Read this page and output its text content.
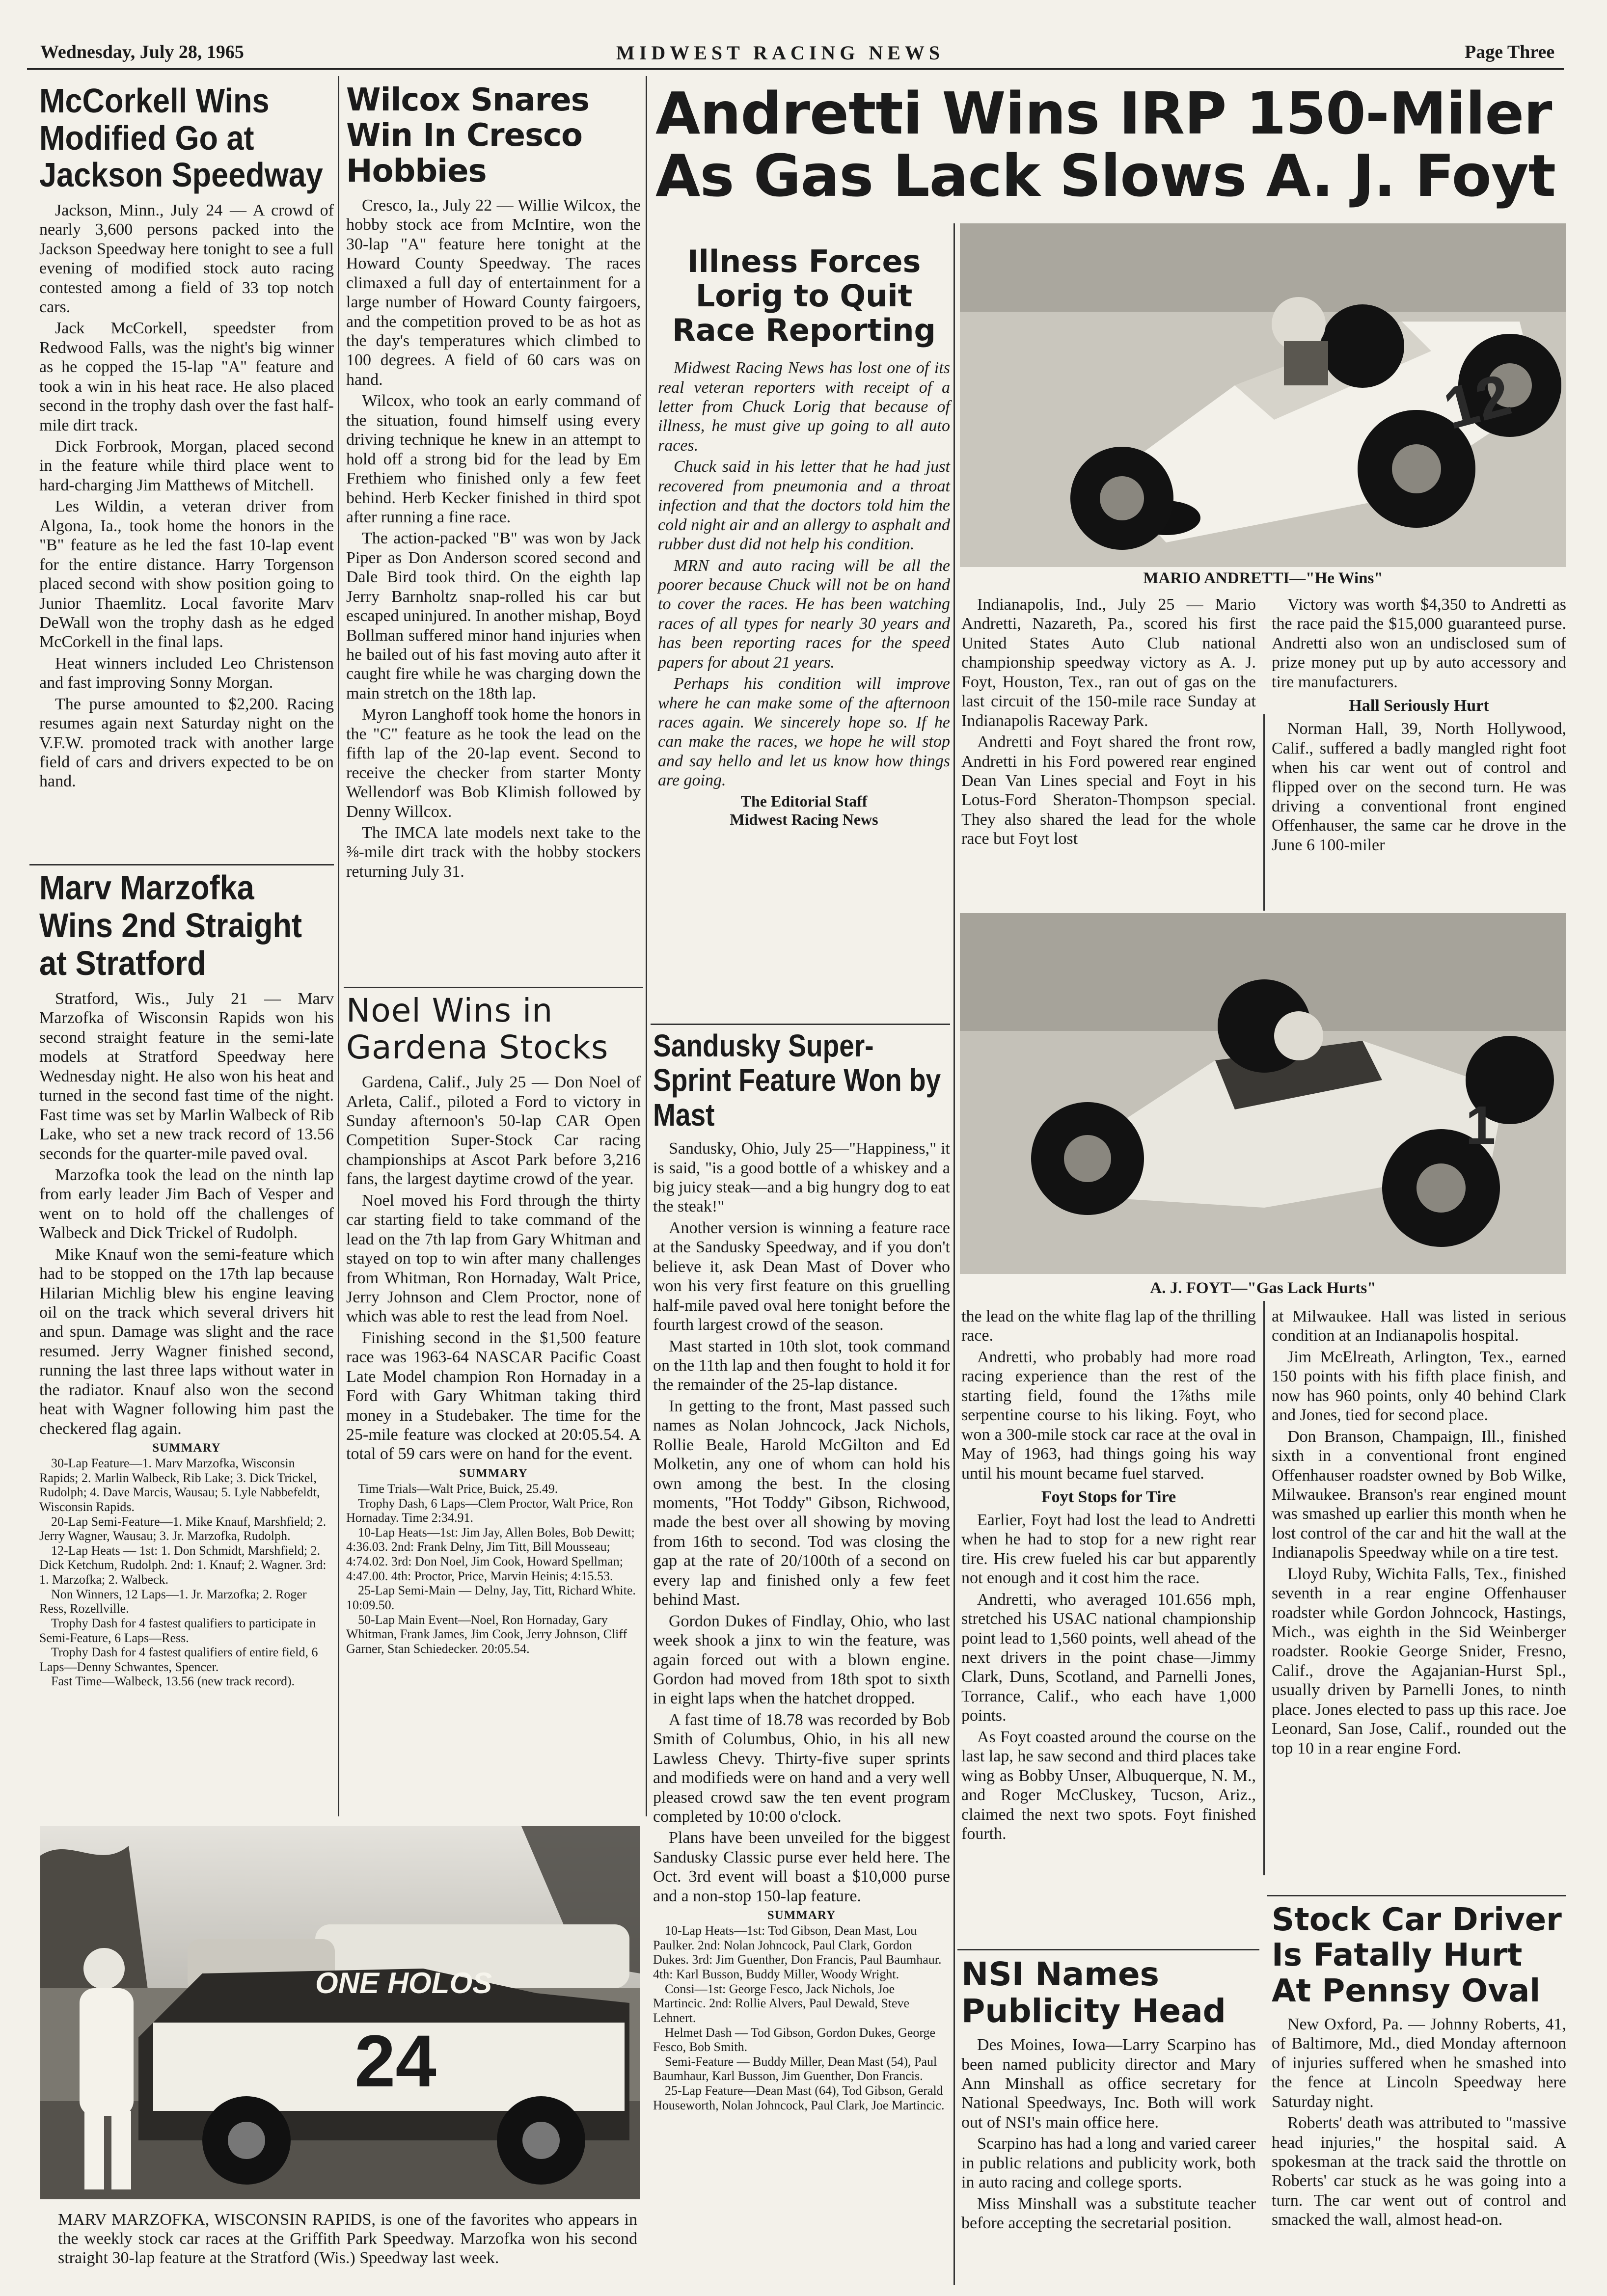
Wednesday, July 28, 1965	MIDWEST RACING NEWS	Page Three
McCorkell Wins Modified Go at Jackson Speedway

Jackson, Minn., July 24 — A crowd of nearly 3,600 persons packed into the Jackson Speedway here tonight to see a full evening of modified stock auto racing contested among a field of 33 top notch cars.

Jack McCorkell, speedster from Redwood Falls, was the night's big winner as he copped the 15-lap "A" feature and took a win in his heat race. He also placed second in the trophy dash over the fast half-mile dirt track.

Dick Forbrook, Morgan, placed second in the feature while third place went to hard-charging Jim Matthews of Mitchell.

Les Wildin, a veteran driver from Algona, Ia., took home the honors in the "B" feature as he led the fast 10-lap event for the entire distance. Harry Torgenson placed second with show position going to Junior Thaemlitz. Local favorite Marv DeWall won the trophy dash as he edged McCorkell in the final laps.

Heat winners included Leo Christenson and fast improving Sonny Morgan.

The purse amounted to $2,200. Racing resumes again next Saturday night on the V.F.W. promoted track with another large field of cars and drivers expected to be on hand.

Marv Marzofka Wins 2nd Straight at Stratford

Stratford, Wis., July 21 — Marv Marzofka of Wisconsin Rapids won his second straight feature in the semi-late models at Stratford Speedway here Wednesday night. He also won his heat and turned in the second fast time of the night. Fast time was set by Marlin Walbeck of Rib Lake, who set a new track record of 13.56 seconds for the quarter-mile paved oval.

Marzofka took the lead on the ninth lap from early leader Jim Bach of Vesper and went on to hold off the challenges of Walbeck and Dick Trickel of Rudolph.

Mike Knauf won the semi-feature which had to be stopped on the 17th lap because Hilarian Michlig blew his engine leaving oil on the track which several drivers hit and spun. Damage was slight and the race resumed. Jerry Wagner finished second, running the last three laps without water in the radiator. Knauf also won the second heat with Wagner following him past the checkered flag again.

SUMMARY

30-Lap Feature—1. Marv Marzofka, Wisconsin Rapids; 2. Marlin Walbeck, Rib Lake; 3. Dick Trickel, Rudolph; 4. Dave Marcis, Wausau; 5. Lyle Nabbefeldt, Wisconsin Rapids.

20-Lap Semi-Feature—1. Mike Knauf, Marshfield; 2. Jerry Wagner, Wausau; 3. Jr. Marzofka, Rudolph.

12-Lap Heats — 1st: 1. Don Schmidt, Marshfield; 2. Dick Ketchum, Rudolph. 2nd: 1. Knauf; 2. Wagner. 3rd: 1. Marzofka; 2. Walbeck.

Non Winners, 12 Laps—1. Jr. Marzofka; 2. Roger Ress, Rozellville.

Trophy Dash for 4 fastest qualifiers to participate in Semi-Feature, 6 Laps—Ress.

Trophy Dash for 4 fastest qualifiers of entire field, 6 Laps—Denny Schwantes, Spencer.

Fast Time—Walbeck, 13.56 (new track record).

Wilcox Snares Win In Cresco Hobbies

Cresco, Ia., July 22 — Willie Wilcox, the hobby stock ace from McIntire, won the 30-lap "A" feature here tonight at the Howard County Speedway. The races climaxed a full day of entertainment for a large number of Howard County fairgoers, and the competition proved to be as hot as the day's temperatures which climbed to 100 degrees. A field of 60 cars was on hand.

Wilcox, who took an early command of the situation, found himself using every driving technique he knew in an attempt to hold off a strong bid for the lead by Em Frethiem who finished only a few feet behind. Herb Kecker finished in third spot after running a fine race.

The action-packed "B" was won by Jack Piper as Don Anderson scored second and Dale Bird took third. On the eighth lap Jerry Barnholtz snap-rolled his car but escaped uninjured. In another mishap, Boyd Bollman suffered minor hand injuries when he bailed out of his fast moving auto after it caught fire while he was charging down the main stretch on the 18th lap.

Myron Langhoff took home the honors in the "C" feature as he took the lead on the fifth lap of the 20-lap event. Second to receive the checker from starter Monty Wellendorf was Bob Klimish followed by Denny Willcox.

The IMCA late models next take to the ⅜-mile dirt track with the hobby stockers returning July 31.

Noel Wins in Gardena Stocks

Gardena, Calif., July 25 — Don Noel of Arleta, Calif., piloted a Ford to victory in Sunday afternoon's 50-lap CAR Open Competition Super-Stock Car racing championships at Ascot Park before 3,216 fans, the largest daytime crowd of the year.

Noel moved his Ford through the thirty car starting field to take command of the lead on the 7th lap from Gary Whitman and stayed on top to win after many challenges from Whitman, Ron Hornaday, Walt Price, Jerry Johnson and Clem Proctor, none of which was able to rest the lead from Noel.

Finishing second in the $1,500 feature race was 1963-64 NASCAR Pacific Coast Late Model champion Ron Hornaday in a Ford with Gary Whitman taking third money in a Studebaker. The time for the 25-mile feature was clocked at 20:05.54. A total of 59 cars were on hand for the event.

SUMMARY

Time Trials—Walt Price, Buick, 25.49.

Trophy Dash, 6 Laps—Clem Proctor, Walt Price, Ron Hornaday. Time 2:34.91.

10-Lap Heats—1st: Jim Jay, Allen Boles, Bob Dewitt; 4:36.03. 2nd: Frank Delny, Jim Titt, Bill Mousseau; 4:74.02. 3rd: Don Noel, Jim Cook, Howard Spellman; 4:47.00. 4th: Proctor, Price, Marvin Heinis; 4:15.53.

25-Lap Semi-Main — Delny, Jay, Titt, Richard White. 10:09.50.

50-Lap Main Event—Noel, Ron Hornaday, Gary Whitman, Frank James, Jim Cook, Jerry Johnson, Cliff Garner, Stan Schiedecker. 20:05.54.

ONE HOLOS
24
MARV MARZOFKA, WISCONSIN RAPIDS, is one of the favorites who appears in the weekly stock car races at the Griffith Park Speedway. Marzofka won his second straight 30-lap feature at the Stratford (Wis.) Speedway last week.
Andretti Wins IRP 150-Miler As Gas Lack Slows A. J. Foyt
Illness Forces Lorig to Quit Race Reporting

Midwest Racing News has lost one of its real veteran reporters with receipt of a letter from Chuck Lorig that because of illness, he must give up going to all auto races.

Chuck said in his letter that he had just recovered from pneumonia and a throat infection and that the doctors told him the cold night air and an allergy to asphalt and rubber dust did not help his condition.

MRN and auto racing will be all the poorer because Chuck will not be on hand to cover the races. He has been watching races of all types for nearly 30 years and has been reporting races for the speed papers for about 21 years.

Perhaps his condition will improve where he can make some of the afternoon races again. We sincerely hope so. If he can make the races, we hope he will stop and say hello and let us know how things are going.

The Editorial Staff
Midwest Racing News
Sandusky Super-Sprint Feature Won by Mast

Sandusky, Ohio, July 25—"Happiness," it is said, "is a good bottle of a whiskey and a big juicy steak—and a big hungry dog to eat the steak!"

Another version is winning a feature race at the Sandusky Speedway, and if you don't believe it, ask Dean Mast of Dover who won his very first feature on this gruelling half-mile paved oval here tonight before the fourth largest crowd of the season.

Mast started in 10th slot, took command on the 11th lap and then fought to hold it for the remainder of the 25-lap distance.

In getting to the front, Mast passed such names as Nolan Johncock, Jack Nichols, Rollie Beale, Harold McGilton and Ed Molketin, any one of whom can hold his own among the best. In the closing moments, "Hot Toddy" Gibson, Richwood, made the best over all showing by moving from 16th to second. Tod was closing the gap at the rate of 20/100th of a second on every lap and finished only a few feet behind Mast.

Gordon Dukes of Findlay, Ohio, who last week shook a jinx to win the feature, was again forced out with a blown engine. Gordon had moved from 18th spot to sixth in eight laps when the hatchet dropped.

A fast time of 18.78 was recorded by Bob Smith of Columbus, Ohio, in his all new Lawless Chevy. Thirty-five super sprints and modifieds were on hand and a very well pleased crowd saw the ten event program completed by 10:00 o'clock.

Plans have been unveiled for the biggest Sandusky Classic purse ever held here. The Oct. 3rd event will boast a $10,000 purse and a non-stop 150-lap feature.

SUMMARY

10-Lap Heats—1st: Tod Gibson, Dean Mast, Lou Paulker. 2nd: Nolan Johncock, Paul Clark, Gordon Dukes. 3rd: Jim Guenther, Don Francis, Paul Baumhaur. 4th: Karl Busson, Buddy Miller, Woody Wright.

Consi—1st: George Fesco, Jack Nichols, Joe Martincic. 2nd: Rollie Alvers, Paul Dewald, Steve Lehnert.

Helmet Dash — Tod Gibson, Gordon Dukes, George Fesco, Bob Smith.

Semi-Feature — Buddy Miller, Dean Mast (54), Paul Baumhaur, Karl Busson, Jim Guenther, Don Francis.

25-Lap Feature—Dean Mast (64), Tod Gibson, Gerald Houseworth, Nolan Johncock, Paul Clark, Joe Martincic.

12
MARIO ANDRETTI—"He Wins"

Indianapolis, Ind., July 25 — Mario Andretti, Nazareth, Pa., scored his first United States Auto Club national championship speedway victory as A. J. Foyt, Houston, Tex., ran out of gas on the last circuit of the 150-mile race Sunday at Indianapolis Raceway Park.

Andretti and Foyt shared the front row, Andretti in his Ford powered rear engined Dean Van Lines special and Foyt in his Lotus-Ford Sheraton-Thompson special. They also shared the lead for the whole race but Foyt lost

Victory was worth $4,350 to Andretti as the race paid the $15,000 guaranteed purse. Andretti also won an undisclosed sum of prize money put up by auto accessory and tire manufacturers.

Hall Seriously Hurt

Norman Hall, 39, North Hollywood, Calif., suffered a badly mangled right foot when his car went out of control and flipped over on the second turn. He was driving a conventional front engined Offenhauser, the same car he drove in the June 6 100-miler

1
A. J. FOYT—"Gas Lack Hurts"

the lead on the white flag lap of the thrilling race.

Andretti, who probably had more road racing experience than the rest of the starting field, found the 1⅞ths mile serpentine course to his liking. Foyt, who won a 300-mile stock car race at the oval in May of 1963, had things going his way until his mount became fuel starved.

Foyt Stops for Tire

Earlier, Foyt had lost the lead to Andretti when he had to stop for a new right rear tire. His crew fueled his car but apparently not enough and it cost him the race.

Andretti, who averaged 101.656 mph, stretched his USAC national championship point lead to 1,560 points, well ahead of the next drivers in the point chase—Jimmy Clark, Duns, Scotland, and Parnelli Jones, Torrance, Calif., who each have 1,000 points.

As Foyt coasted around the course on the last lap, he saw second and third places take wing as Bobby Unser, Albuquerque, N. M., and Roger McCluskey, Tucson, Ariz., claimed the next two spots. Foyt finished fourth.

at Milwaukee. Hall was listed in serious condition at an Indianapolis hospital.

Jim McElreath, Arlington, Tex., earned 150 points with his fifth place finish, and now has 960 points, only 40 behind Clark and Jones, tied for second place.

Don Branson, Champaign, Ill., finished sixth in a conventional front engined Offenhauser roadster owned by Bob Wilke, Milwaukee. Branson's rear engined mount was smashed up earlier this month when he lost control of the car and hit the wall at the Indianapolis Speedway while on a tire test.

Lloyd Ruby, Wichita Falls, Tex., finished seventh in a rear engine Offenhauser roadster while Gordon Johncock, Hastings, Mich., was eighth in the Sid Weinberger roadster. Rookie George Snider, Fresno, Calif., drove the Agajanian-Hurst Spl., usually driven by Parnelli Jones, to ninth place. Jones elected to pass up this race. Joe Leonard, San Jose, Calif., rounded out the top 10 in a rear engine Ford.

NSI Names Publicity Head

Des Moines, Iowa—Larry Scarpino has been named publicity director and Mary Ann Minshall as office secretary for National Speedways, Inc. Both will work out of NSI's main office here.

Scarpino has had a long and varied career in public relations and publicity work, both in auto racing and college sports.

Miss Minshall was a substitute teacher before accepting the secretarial position.

Stock Car Driver Is Fatally Hurt At Pennsy Oval

New Oxford, Pa. — Johnny Roberts, 41, of Baltimore, Md., died Monday afternoon of injuries suffered when he smashed into the fence at Lincoln Speedway here Saturday night.

Roberts' death was attributed to "massive head injuries," the hospital said. A spokesman at the track said the throttle on Roberts' car stuck as he was going into a turn. The car went out of control and smacked the wall, almost head-on.
